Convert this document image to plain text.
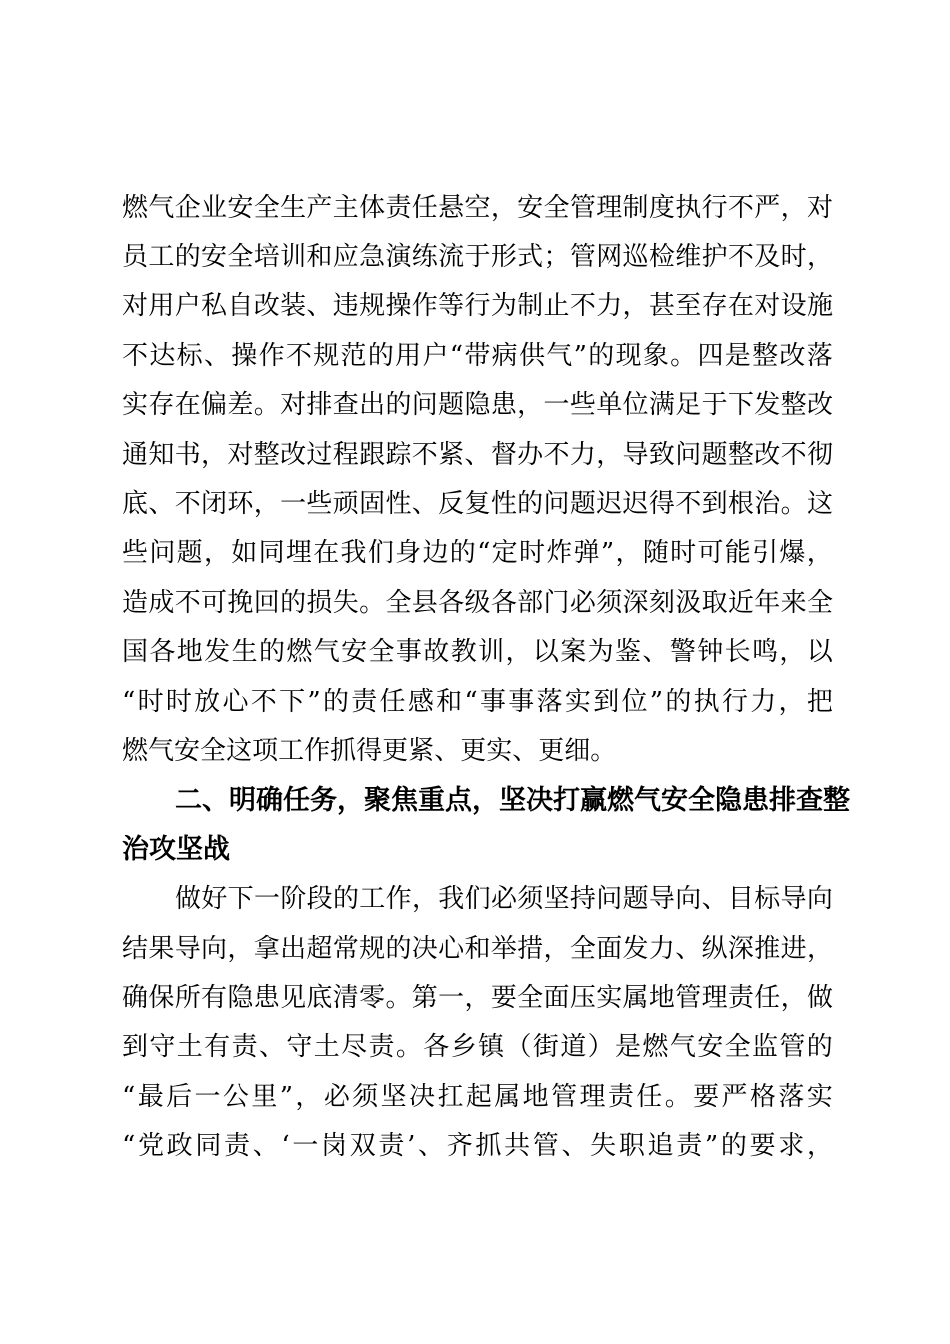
燃 气 企 业 安 全 生 产 主 体 责 任 悬 空 ， 安 全 管 理 制 度 执 行 不 严 ， 对
员 工 的 安 全 培 训 和 应 急 演 练 流 于 形 式 ； 管 网 巡 检 维 护 不 及 时 ，
对 用 户 私 自 改 装 、 违 规 操 作 等 行 为 制 止 不 力 ， 甚 至 存 在 对 设 施
不 达 标 、 操 作 不 规 范 的 用 户 “ 带 病 供 气 ” 的 现 象 。 四 是 整 改 落
实 存 在 偏 差 。 对 排 查 出 的 问 题 隐 患 ， 一 些 单 位 满 足 于 下 发 整 改
通 知 书 ， 对 整 改 过 程 跟 踪 不 紧 、 督 办 不 力 ， 导 致 问 题 整 改 不 彻
底 、 不 闭 环 ， 一 些 顽 固 性 、 反 复 性 的 问 题 迟 迟 得 不 到 根 治 。 这
些 问 题 ， 如 同 埋 在 我 们 身 边 的 “ 定 时 炸 弹 ” ， 随 时 可 能 引 爆 ，
造 成 不 可 挽 回 的 损 失 。 全 县 各 级 各 部 门 必 须 深 刻 汲 取 近 年 来 全
国 各 地 发 生 的 燃 气 安 全 事 故 教 训 ， 以 案 为 鉴 、 警 钟 长 鸣 ， 以
“ 时 时 放 心 不 下 ” 的 责 任 感 和 “ 事 事 落 实 到 位 ” 的 执 行 力 ， 把
燃 气 安 全 这 项 工 作 抓 得 更 紧 、 更 实 、 更 细 。
二 、 明 确 任 务 ， 聚 焦 重 点 ， 坚 决 打 赢 燃 气 安 全 隐 患 排 查 整
治 攻 坚 战
做 好 下 一 阶 段 的 工 作 ， 我 们 必 须 坚 持 问 题 导 向 、 目 标 导 向
结 果 导 向 ， 拿 出 超 常 规 的 决 心 和 举 措 ， 全 面 发 力 、 纵 深 推 进 ，
确 保 所 有 隐 患 见 底 清 零 。 第 一 ， 要 全 面 压 实 属 地 管 理 责 任 ， 做
到 守 土 有 责 、 守 土 尽 责 。 各 乡 镇 （ 街 道 ） 是 燃 气 安 全 监 管 的
“ 最 后 一 公 里 ” ， 必 须 坚 决 扛 起 属 地 管 理 责 任 。 要 严 格 落 实
“ 党 政 同 责 、 ‘ 一 岗 双 责 ’ 、 齐 抓 共 管 、 失 职 追 责 ” 的 要 求 ，
